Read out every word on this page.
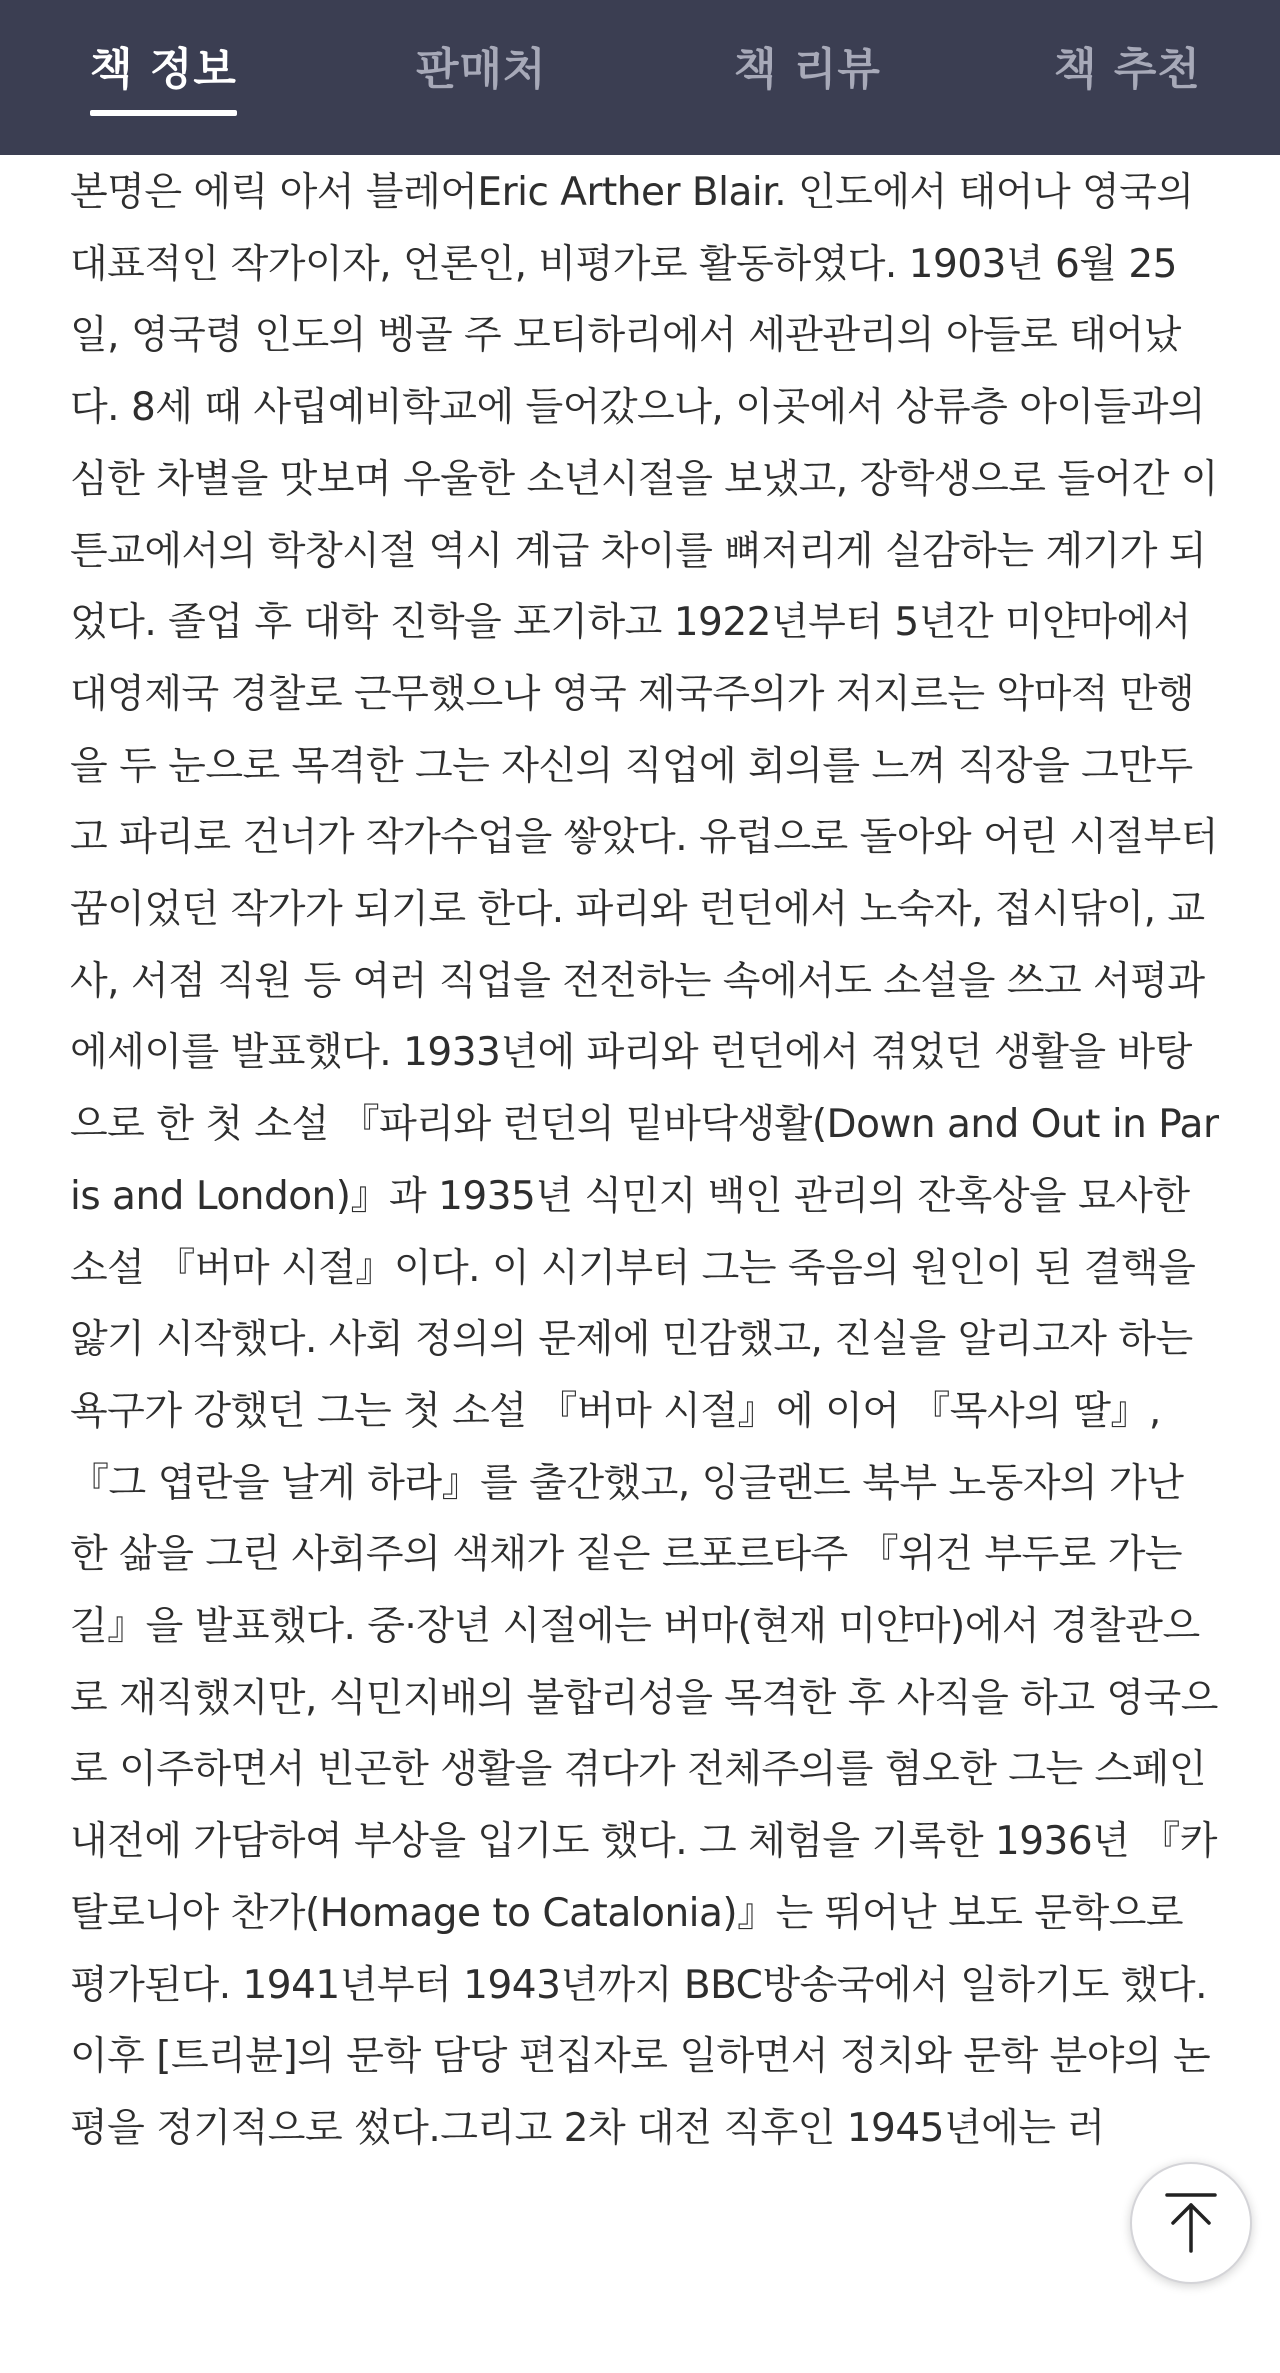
책 정보	판매처	책 리뷰	책 추천

본명은 에릭 아서 블레어Eric Arther Blair. 인도에서 태어나 영국의 대표적인 작가이자, 언론인, 비평가로 활동하였다. 1903년 6월 25일, 영국령 인도의 벵골 주 모티하리에서 세관관리의 아들로 태어났다. 8세 때 사립예비학교에 들어갔으나, 이곳에서 상류층 아이들과의 심한 차별을 맛보며 우울한 소년시절을 보냈고, 장학생으로 들어간 이튼교에서의 학창시절 역시 계급 차이를 뼈저리게 실감하는 계기가 되었다. 졸업 후 대학 진학을 포기하고 1922년부터 5년간 미얀마에서 대영제국 경찰로 근무했으나 영국 제국주의가 저지르는 악마적 만행을 두 눈으로 목격한 그는 자신의 직업에 회의를 느껴 직장을 그만두고 파리로 건너가 작가수업을 쌓았다. 유럽으로 돌아와 어린 시절부터 꿈이었던 작가가 되기로 한다. 파리와 런던에서 노숙자, 접시닦이, 교사, 서점 직원 등 여러 직업을 전전하는 속에서도 소설을 쓰고 서평과 에세이를 발표했다. 1933년에 파리와 런던에서 겪었던 생활을 바탕으로 한 첫 소설 『파리와 런던의 밑바닥생활(Down and Out in Paris and London)』과 1935년 식민지 백인 관리의 잔혹상을 묘사한 소설 『버마 시절』이다. 이 시기부터 그는 죽음의 원인이 된 결핵을 앓기 시작했다. 사회 정의의 문제에 민감했고, 진실을 알리고자 하는 욕구가 강했던 그는 첫 소설 『버마 시절』에 이어 『목사의 딸』, 『그 엽란을 날게 하라』를 출간했고, 잉글랜드 북부 노동자의 가난한 삶을 그린 사회주의 색채가 짙은 르포르타주 『위건 부두로 가는 길』을 발표했다. 중·장년 시절에는 버마(현재 미얀마)에서 경찰관으로 재직했지만, 식민지배의 불합리성을 목격한 후 사직을 하고 영국으로 이주하면서 빈곤한 생활을 겪다가 전체주의를 혐오한 그는 스페인 내전에 가담하여 부상을 입기도 했다. 그 체험을 기록한 1936년 『카탈로니아 찬가(Homage to Catalonia)』는 뛰어난 보도 문학으로 평가된다. 1941년부터 1943년까지 BBC방송국에서 일하기도 했다. 이후 [트리뷴]의 문학 담당 편집자로 일하면서 정치와 문학 분야의 논평을 정기적으로 썼다.그리고 2차 대전 직후인 1945년에는 러
